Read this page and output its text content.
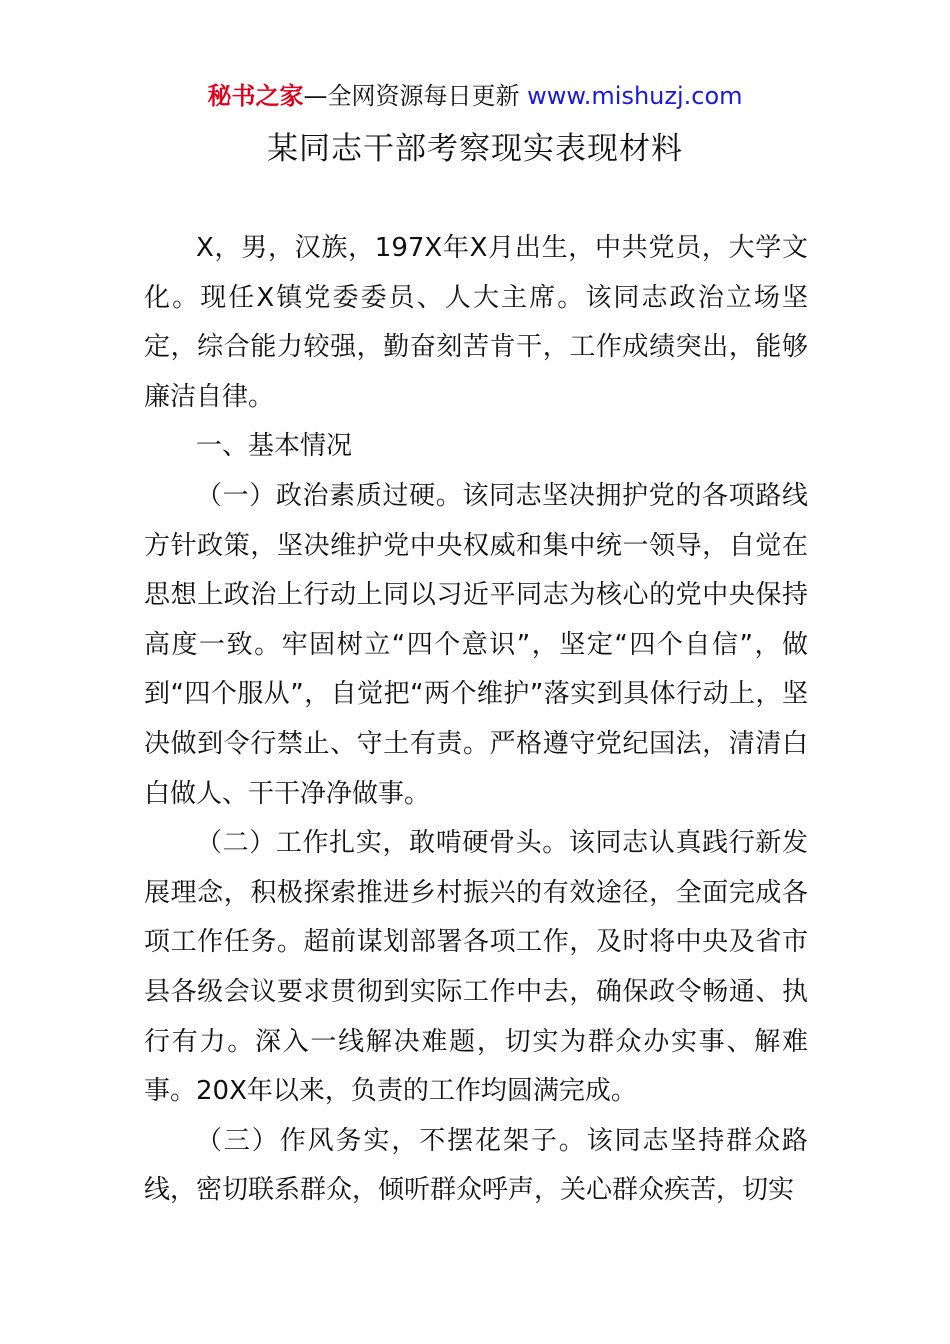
秘书之家—全网资源每日更新 www.mishuzj.com
某同志干部考察现实表现材料

X，男，汉族，197X年X月出生，中共党员，大学文化。现任X镇党委委员、人大主席。该同志政治立场坚定，综合能力较强，勤奋刻苦肯干，工作成绩突出，能够廉洁自律。

一、基本情况

（一）政治素质过硬。该同志坚决拥护党的各项路线方针政策，坚决维护党中央权威和集中统一领导，自觉在思想上政治上行动上同以习近平同志为核心的党中央保持高度一致。牢固树立“四个意识”，坚定“四个自信”，做到“四个服从”，自觉把“两个维护”落实到具体行动上，坚决做到令行禁止、守土有责。严格遵守党纪国法，清清白白做人、干干净净做事。

（二）工作扎实，敢啃硬骨头。该同志认真践行新发展理念，积极探索推进乡村振兴的有效途径，全面完成各项工作任务。超前谋划部署各项工作，及时将中央及省市县各级会议要求贯彻到实际工作中去，确保政令畅通、执行有力。深入一线解决难题，切实为群众办实事、解难事。20X年以来，负责的工作均圆满完成。

（三）作风务实，不摆花架子。该同志坚持群众路线，密切联系群众，倾听群众呼声，关心群众疾苦，切实
